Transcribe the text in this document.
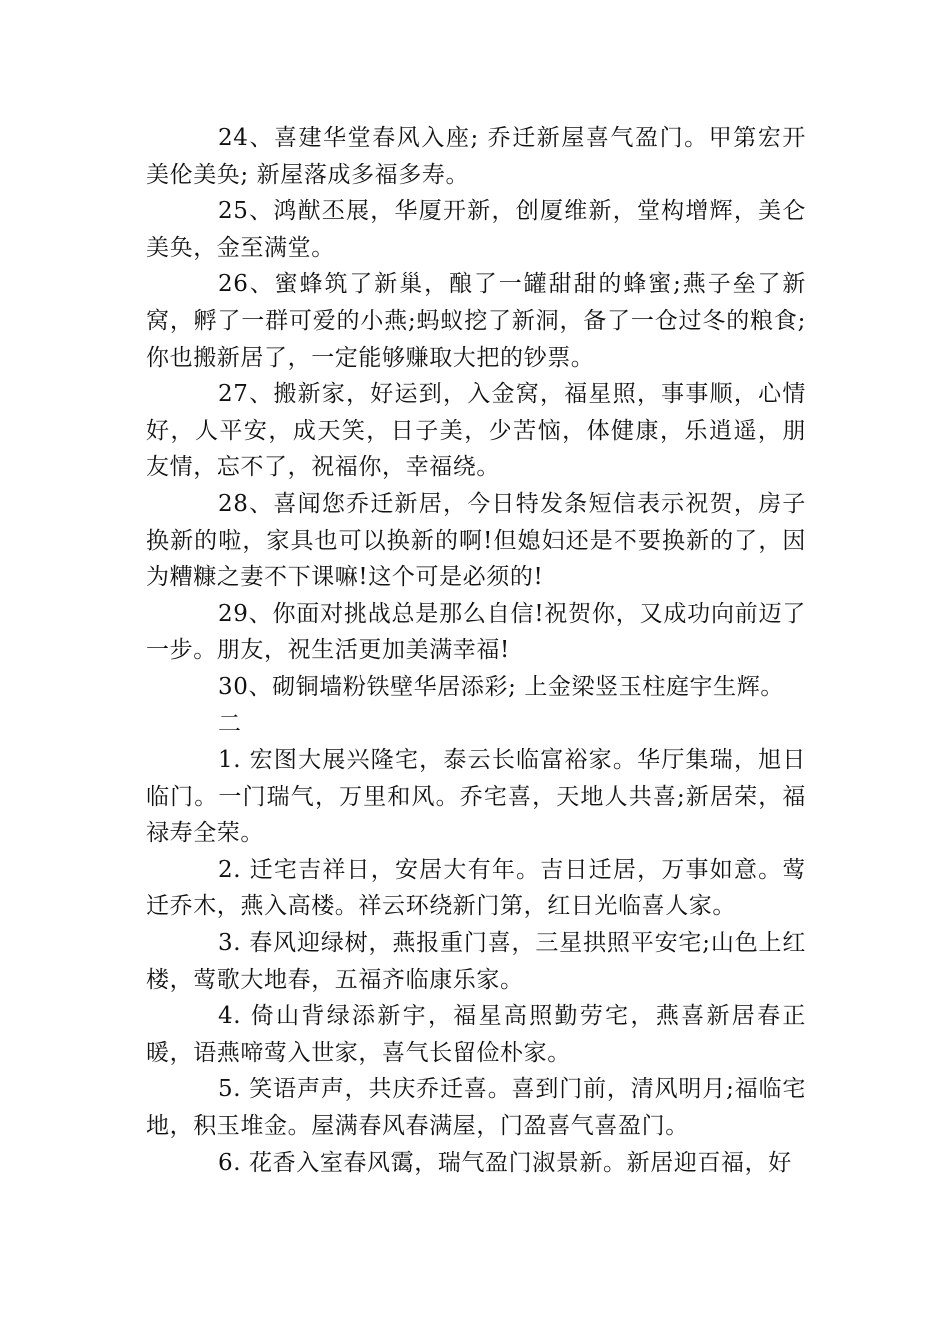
24、喜建华堂春风入座; 乔迁新屋喜气盈门。甲第宏开美伦美奂; 新屋落成多福多寿。

25、鸿猷丕展，华厦开新，创厦维新，堂构增辉，美仑美奂，金至满堂。

26、蜜蜂筑了新巢，酿了一罐甜甜的蜂蜜;燕子垒了新窝，孵了一群可爱的小燕;蚂蚁挖了新洞，备了一仓过冬的粮食;你也搬新居了，一定能够赚取大把的钞票。

27、搬新家，好运到，入金窝，福星照，事事顺，心情好，人平安，成天笑，日子美，少苦恼，体健康，乐逍遥，朋友情，忘不了，祝福你，幸福绕。

28、喜闻您乔迁新居，今日特发条短信表示祝贺，房子换新的啦，家具也可以换新的啊!但媳妇还是不要换新的了，因为糟糠之妻不下课嘛!这个可是必须的!

29、你面对挑战总是那么自信!祝贺你，又成功向前迈了一步。朋友，祝生活更加美满幸福!

30、砌铜墙粉铁壁华居添彩; 上金梁竖玉柱庭宇生辉。

二

1. 宏图大展兴隆宅，泰云长临富裕家。华厅集瑞，旭日临门。一门瑞气，万里和风。乔宅喜，天地人共喜;新居荣，福禄寿全荣。

2. 迁宅吉祥日，安居大有年。吉日迁居，万事如意。莺迁乔木，燕入高楼。祥云环绕新门第，红日光临喜人家。

3. 春风迎绿树，燕报重门喜，三星拱照平安宅;山色上红楼，莺歌大地春，五福齐临康乐家。

4. 倚山背绿添新宇，福星高照勤劳宅，燕喜新居春正暖，语燕啼莺入世家，喜气长留俭朴家。

5. 笑语声声，共庆乔迁喜。喜到门前，清风明月;福临宅地，积玉堆金。屋满春风春满屋，门盈喜气喜盈门。

6. 花香入室春风霭，瑞气盈门淑景新。新居迎百福，好
